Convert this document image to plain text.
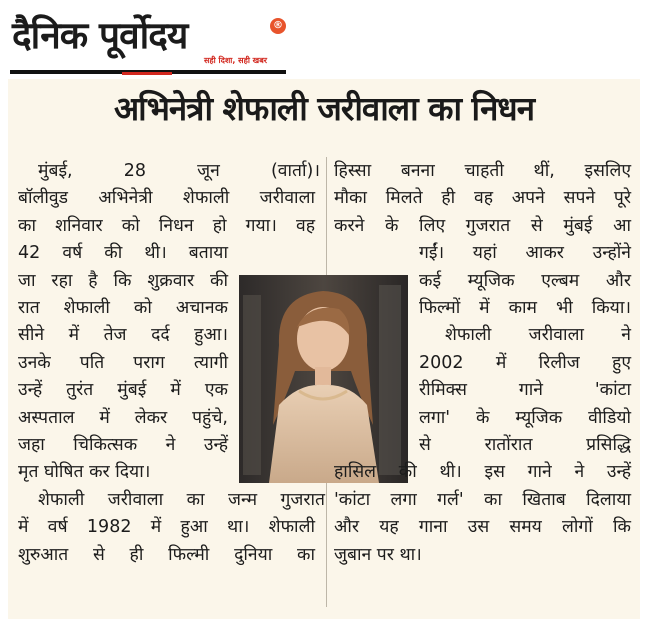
दैनिक पूर्वोदय	®
सही दिशा, सही खबर
अभिनेत्री शेफाली जरीवाला का निधन
मुंबई, 28 जून (वार्ता)।
बॉलीवुड अभिनेत्री शेफाली जरीवाला
का शनिवार को निधन हो गया। वह
42 वर्ष की थी। बताया
जा रहा है कि शुक्रवार की
रात शेफाली को अचानक
सीने में तेज दर्द हुआ।
उनके पति पराग त्यागी
उन्हें तुरंत मुंबई में एक
अस्पताल में लेकर पहुंचे,
जहा चिकित्सक ने उन्हें
मृत घोषित कर दिया।
शेफाली जरीवाला का जन्म गुजरात
में वर्ष 1982 में हुआ था। शेफाली
शुरुआत से ही फिल्मी दुनिया का
हिस्सा बनना चाहती थीं, इसलिए
मौका मिलते ही वह अपने सपने पूरे
करने के लिए गुजरात से मुंबई आ
गईं। यहां आकर उन्होंने
कई म्यूजिक एल्बम और
फिल्मों में काम भी किया।
शेफाली जरीवाला ने
2002 में रिलीज हुए
रीमिक्स गाने 'कांटा
लगा' के म्यूजिक वीडियो
से रातोंरात प्रसिद्धि
हासिल की थी। इस गाने ने उन्हें
'कांटा लगा गर्ल' का खिताब दिलाया
और यह गाना उस समय लोगों कि
जुबान पर था।
